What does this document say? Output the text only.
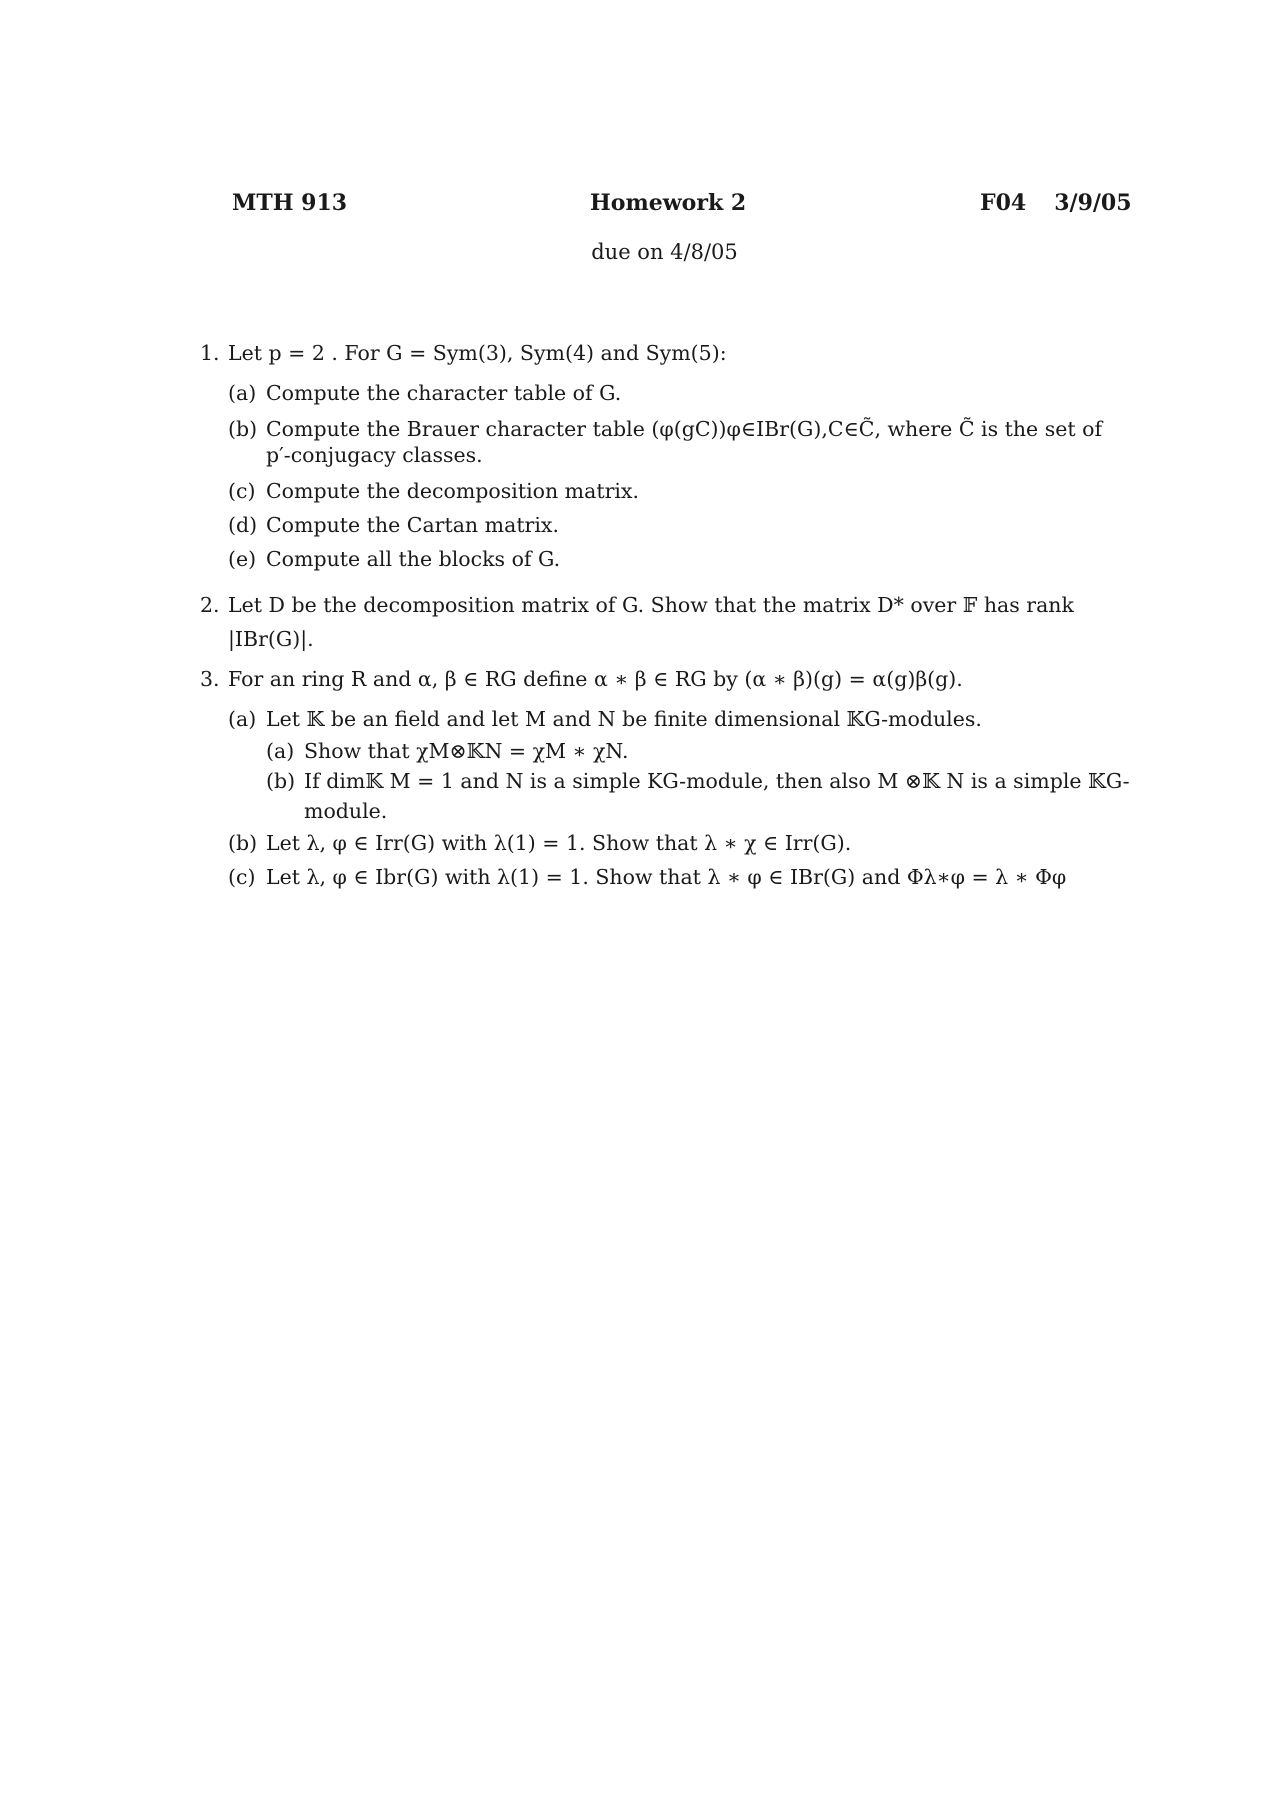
MTH 913	Homework 2	F04 3/9/05
due on 4/8/05
1. Let p = 2 . For G = Sym(3), Sym(4) and Sym(5):
(a) Compute the character table of G.
(b) Compute the Brauer character table (φ(gC))φ∈IBr(G),C∈C̃, where C̃ is the set of p′-conjugacy classes.
(c) Compute the decomposition matrix.
(d) Compute the Cartan matrix.
(e) Compute all the blocks of G.
2. Let D be the decomposition matrix of G. Show that the matrix D* over 𝔽 has rank |IBr(G)|.
3. For an ring R and α, β ∈ RG define α ∗ β ∈ RG by (α ∗ β)(g) = α(g)β(g).
(a) Let 𝕂 be an field and let M and N be finite dimensional 𝕂G-modules.
(a) Show that χM⊗𝕂N = χM ∗ χN.
(b) If dim𝕂 M = 1 and N is a simple KG-module, then also M ⊗𝕂 N is a simple 𝕂G-module.
(b) Let λ, φ ∈ Irr(G) with λ(1) = 1. Show that λ ∗ χ ∈ Irr(G).
(c) Let λ, φ ∈ Ibr(G) with λ(1) = 1. Show that λ ∗ φ ∈ IBr(G) and Φλ∗φ = λ ∗ Φφ
